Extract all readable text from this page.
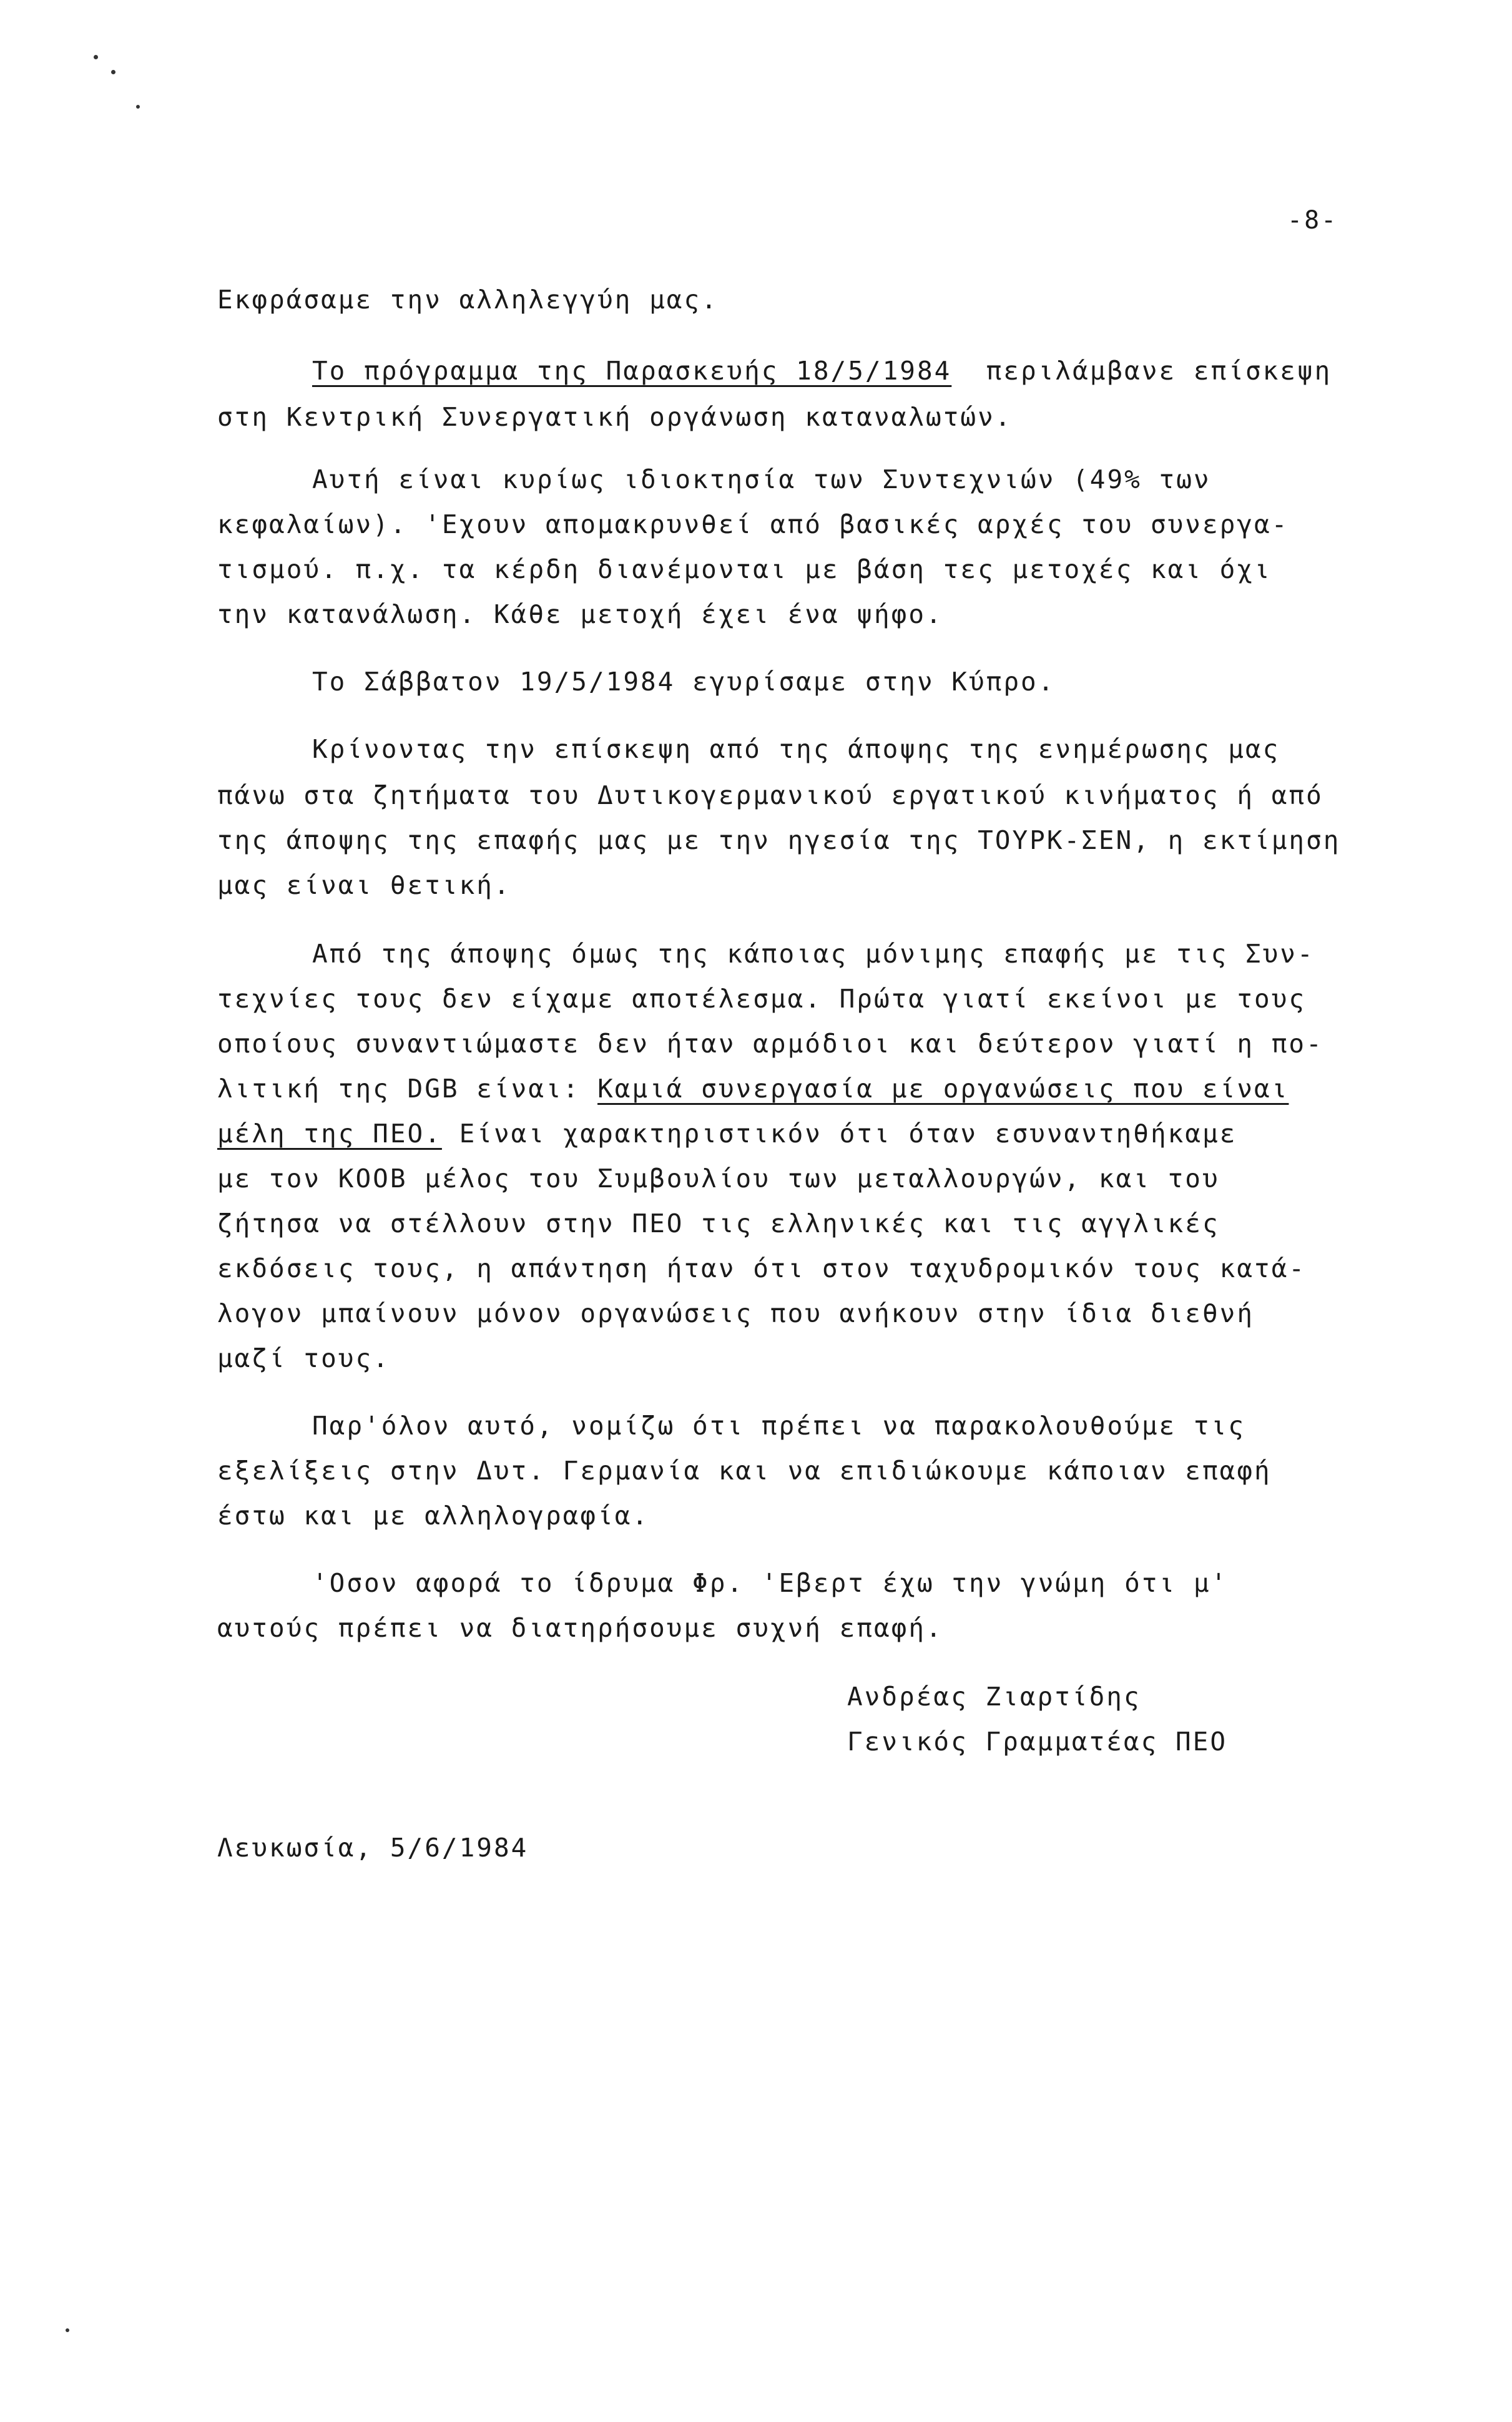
-8-
Εκφράσαμε την αλληλεγγύη μας.
Το πρόγραμμα της Παρασκευής 18/5/1984  περιλάμβανε επίσκεψη
στη Κεντρική Συνεργατική οργάνωση καταναλωτών.
Αυτή είναι κυρίως ιδιοκτησία των Συντεχνιών (49% των
κεφαλαίων). 'Εχουν απομακρυνθεί από βασικές αρχές του συνεργα-
τισμού. π.χ. τα κέρδη διανέμονται με βάση τες μετοχές και όχι
την κατανάλωση. Κάθε μετοχή έχει ένα ψήφο.
Το Σάββατον 19/5/1984 εγυρίσαμε στην Κύπρο.
Κρίνοντας την επίσκεψη από της άποψης της ενημέρωσης μας
πάνω στα ζητήματα του Δυτικογερμανικού εργατικού κινήματος ή από
της άποψης της επαφής μας με την ηγεσία της ΤΟΥΡΚ-ΣΕΝ, η εκτίμηση
μας είναι θετική.
Από της άποψης όμως της κάποιας μόνιμης επαφής με τις Συν-
τεχνίες τους δεν είχαμε αποτέλεσμα. Πρώτα γιατί εκείνοι με τους
οποίους συναντιώμαστε δεν ήταν αρμόδιοι και δεύτερον γιατί η πο-
λιτική της DGB είναι: Καμιά συνεργασία με οργανώσεις που είναι
μέλη της ΠΕΟ. Είναι χαρακτηριστικόν ότι όταν εσυναντηθήκαμε
με τον KOOB μέλος του Συμβουλίου των μεταλλουργών, και του
ζήτησα να στέλλουν στην ΠΕΟ τις ελληνικές και τις αγγλικές
εκδόσεις τους, η απάντηση ήταν ότι στον ταχυδρομικόν τους κατά-
λογον μπαίνουν μόνον οργανώσεις που ανήκουν στην ίδια διεθνή
μαζί τους.
Παρ'όλον αυτό, νομίζω ότι πρέπει να παρακολουθούμε τις
εξελίξεις στην Δυτ. Γερμανία και να επιδιώκουμε κάποιαν επαφή
έστω και με αλληλογραφία.
'Οσον αφορά το ίδρυμα Φρ. 'Εβερτ έχω την γνώμη ότι μ'
αυτούς πρέπει να διατηρήσουμε συχνή επαφή.
Ανδρέας Ζιαρτίδης
Γενικός Γραμματέας ΠΕΟ
Λευκωσία, 5/6/1984
